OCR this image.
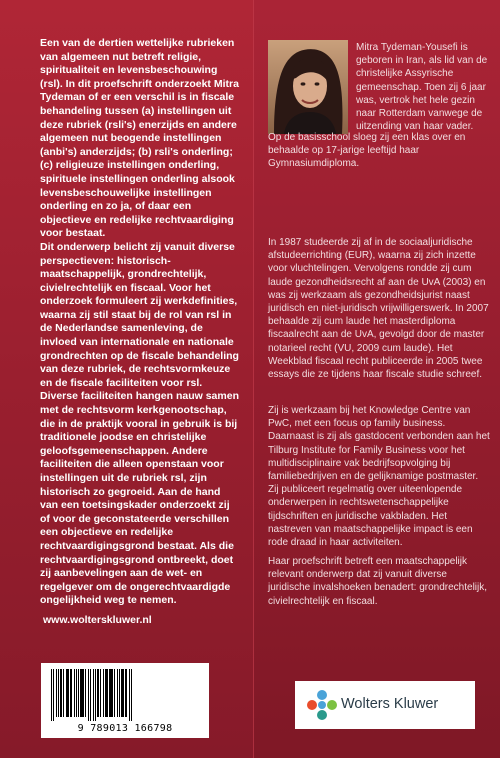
Een van de dertien wettelijke rubrieken van algemeen nut betreft religie, spiritualiteit en levensbeschouwing (rsl). In dit proefschrift onderzoekt Mitra Tydeman of er een verschil is in fiscale behandeling tussen (a) instellingen uit deze rubriek (rsli's) enerzijds en andere algemeen nut beogende instellingen (anbi's) anderzijds; (b) rsli's onderling; (c) religieuze instellingen onderling, spirituele instellingen onderling alsook levensbeschouwelijke instellingen onderling en zo ja, of daar een objectieve en redelijke rechtvaardiging voor bestaat.

Dit onderwerp belicht zij vanuit diverse perspectieven: historisch-maatschappelijk, grondrechtelijk, civielrechtelijk en fiscaal. Voor het onderzoek formuleert zij werkdefinities, waarna zij stil staat bij de rol van rsl in de Nederlandse samenleving, de invloed van internationale en nationale grondrechten op de fiscale behandeling van deze rubriek, de rechtsvormkeuze en de fiscale faciliteiten voor rsl.

Diverse faciliteiten hangen nauw samen met de rechtsvorm kerkgenootschap, die in de praktijk vooral in gebruik is bij traditionele joodse en christelijke geloofsgemeenschappen. Andere faciliteiten die alleen openstaan voor instellingen uit de rubriek rsl, zijn historisch zo gegroeid. Aan de hand van een toetsingskader onderzoekt zij of voor de geconstateerde verschillen een objectieve en redelijke rechtvaardigingsgrond bestaat. Als die rechtvaardigingsgrond ontbreekt, doet zij aanbevelingen aan de wet- en regelgever om de ongerechtvaardigde ongelijkheid weg te nemen.

www.wolterskluwer.nl
9 789013 166798

Mitra Tydeman-Yousefi is geboren in Iran, als lid van de christelijke Assyrische gemeenschap. Toen zij 6 jaar was, vertrok het hele gezin naar Rotterdam vanwege de uitzending van haar vader.

Op de basisschool sloeg zij een klas over en behaalde op 17-jarige leeftijd haar Gymnasiumdiploma.

In 1987 studeerde zij af in de sociaaljuridische afstudeerrichting (EUR), waarna zij zich inzette voor vluchtelingen. Vervolgens rondde zij cum laude gezondheidsrecht af aan de UvA (2003) en was zij werkzaam als gezondheidsjurist naast juridisch en niet-juridisch vrijwilligerswerk. In 2007 behaalde zij cum laude het masterdiploma fiscaalrecht aan de UvA, gevolgd door de master notarieel recht (VU, 2009 cum laude). Het Weekblad fiscaal recht publiceerde in 2005 twee essays die ze tijdens haar fiscale studie schreef.

Zij is werkzaam bij het Knowledge Centre van PwC, met een focus op family business. Daarnaast is zij als gastdocent verbonden aan het Tilburg Institute for Family Business voor het multidisciplinaire vak bedrijfsopvolging bij familiebedrijven en de gelijknamige postmaster. Zij publiceert regelmatig over uiteenlopende onderwerpen in rechtswetenschappelijke tijdschriften en juridische vakbladen. Het nastreven van maatschappelijke impact is een rode draad in haar activiteiten.

Haar proefschrift betreft een maatschappelijk relevant onderwerp dat zij vanuit diverse juridische invalshoeken benadert: grondrechtelijk, civielrechtelijk en fiscaal.

Wolters Kluwer
